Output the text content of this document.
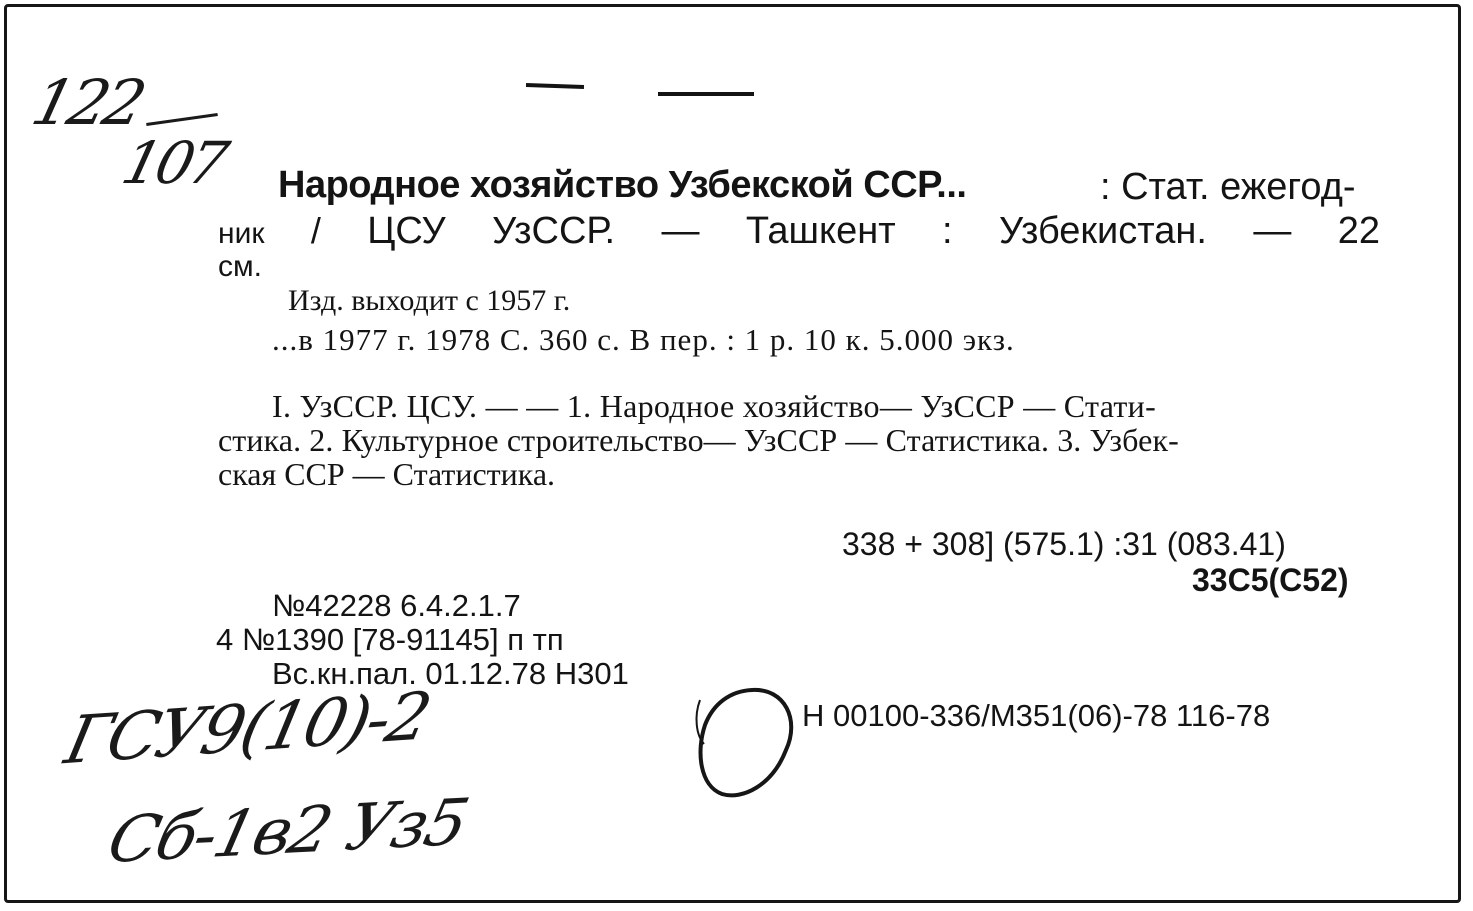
122
107 Народное хозяйство Узбекской ССР...	: Стат. ежегод-
ник / ЦСУ УзССР. — Ташкент : Узбекистан. — 22
см.
Изд. выходит с 1957 г.
...в 1977 г. 1978 С. 360 с. В пер. : 1 р. 10 к. 5.000 экз.
I. УзССР. ЦСУ. — — 1. Народное хозяйство— УзССР — Стати-
стика. 2. Культурное строительство— УзССР — Статистика. 3. Узбек-
ская ССР — Статистика.
338 + 308] (575.1) :31 (083.41)
33С5(С52)
№42228 6.4.2.1.7
4 №1390 [78-91145] п тп
Вс.кн.пал. 01.12.78 Н301
Н 00100-336/М351(06)-78 116-78
ГСУ9(10)-2
Сб-1в2 Уз5
